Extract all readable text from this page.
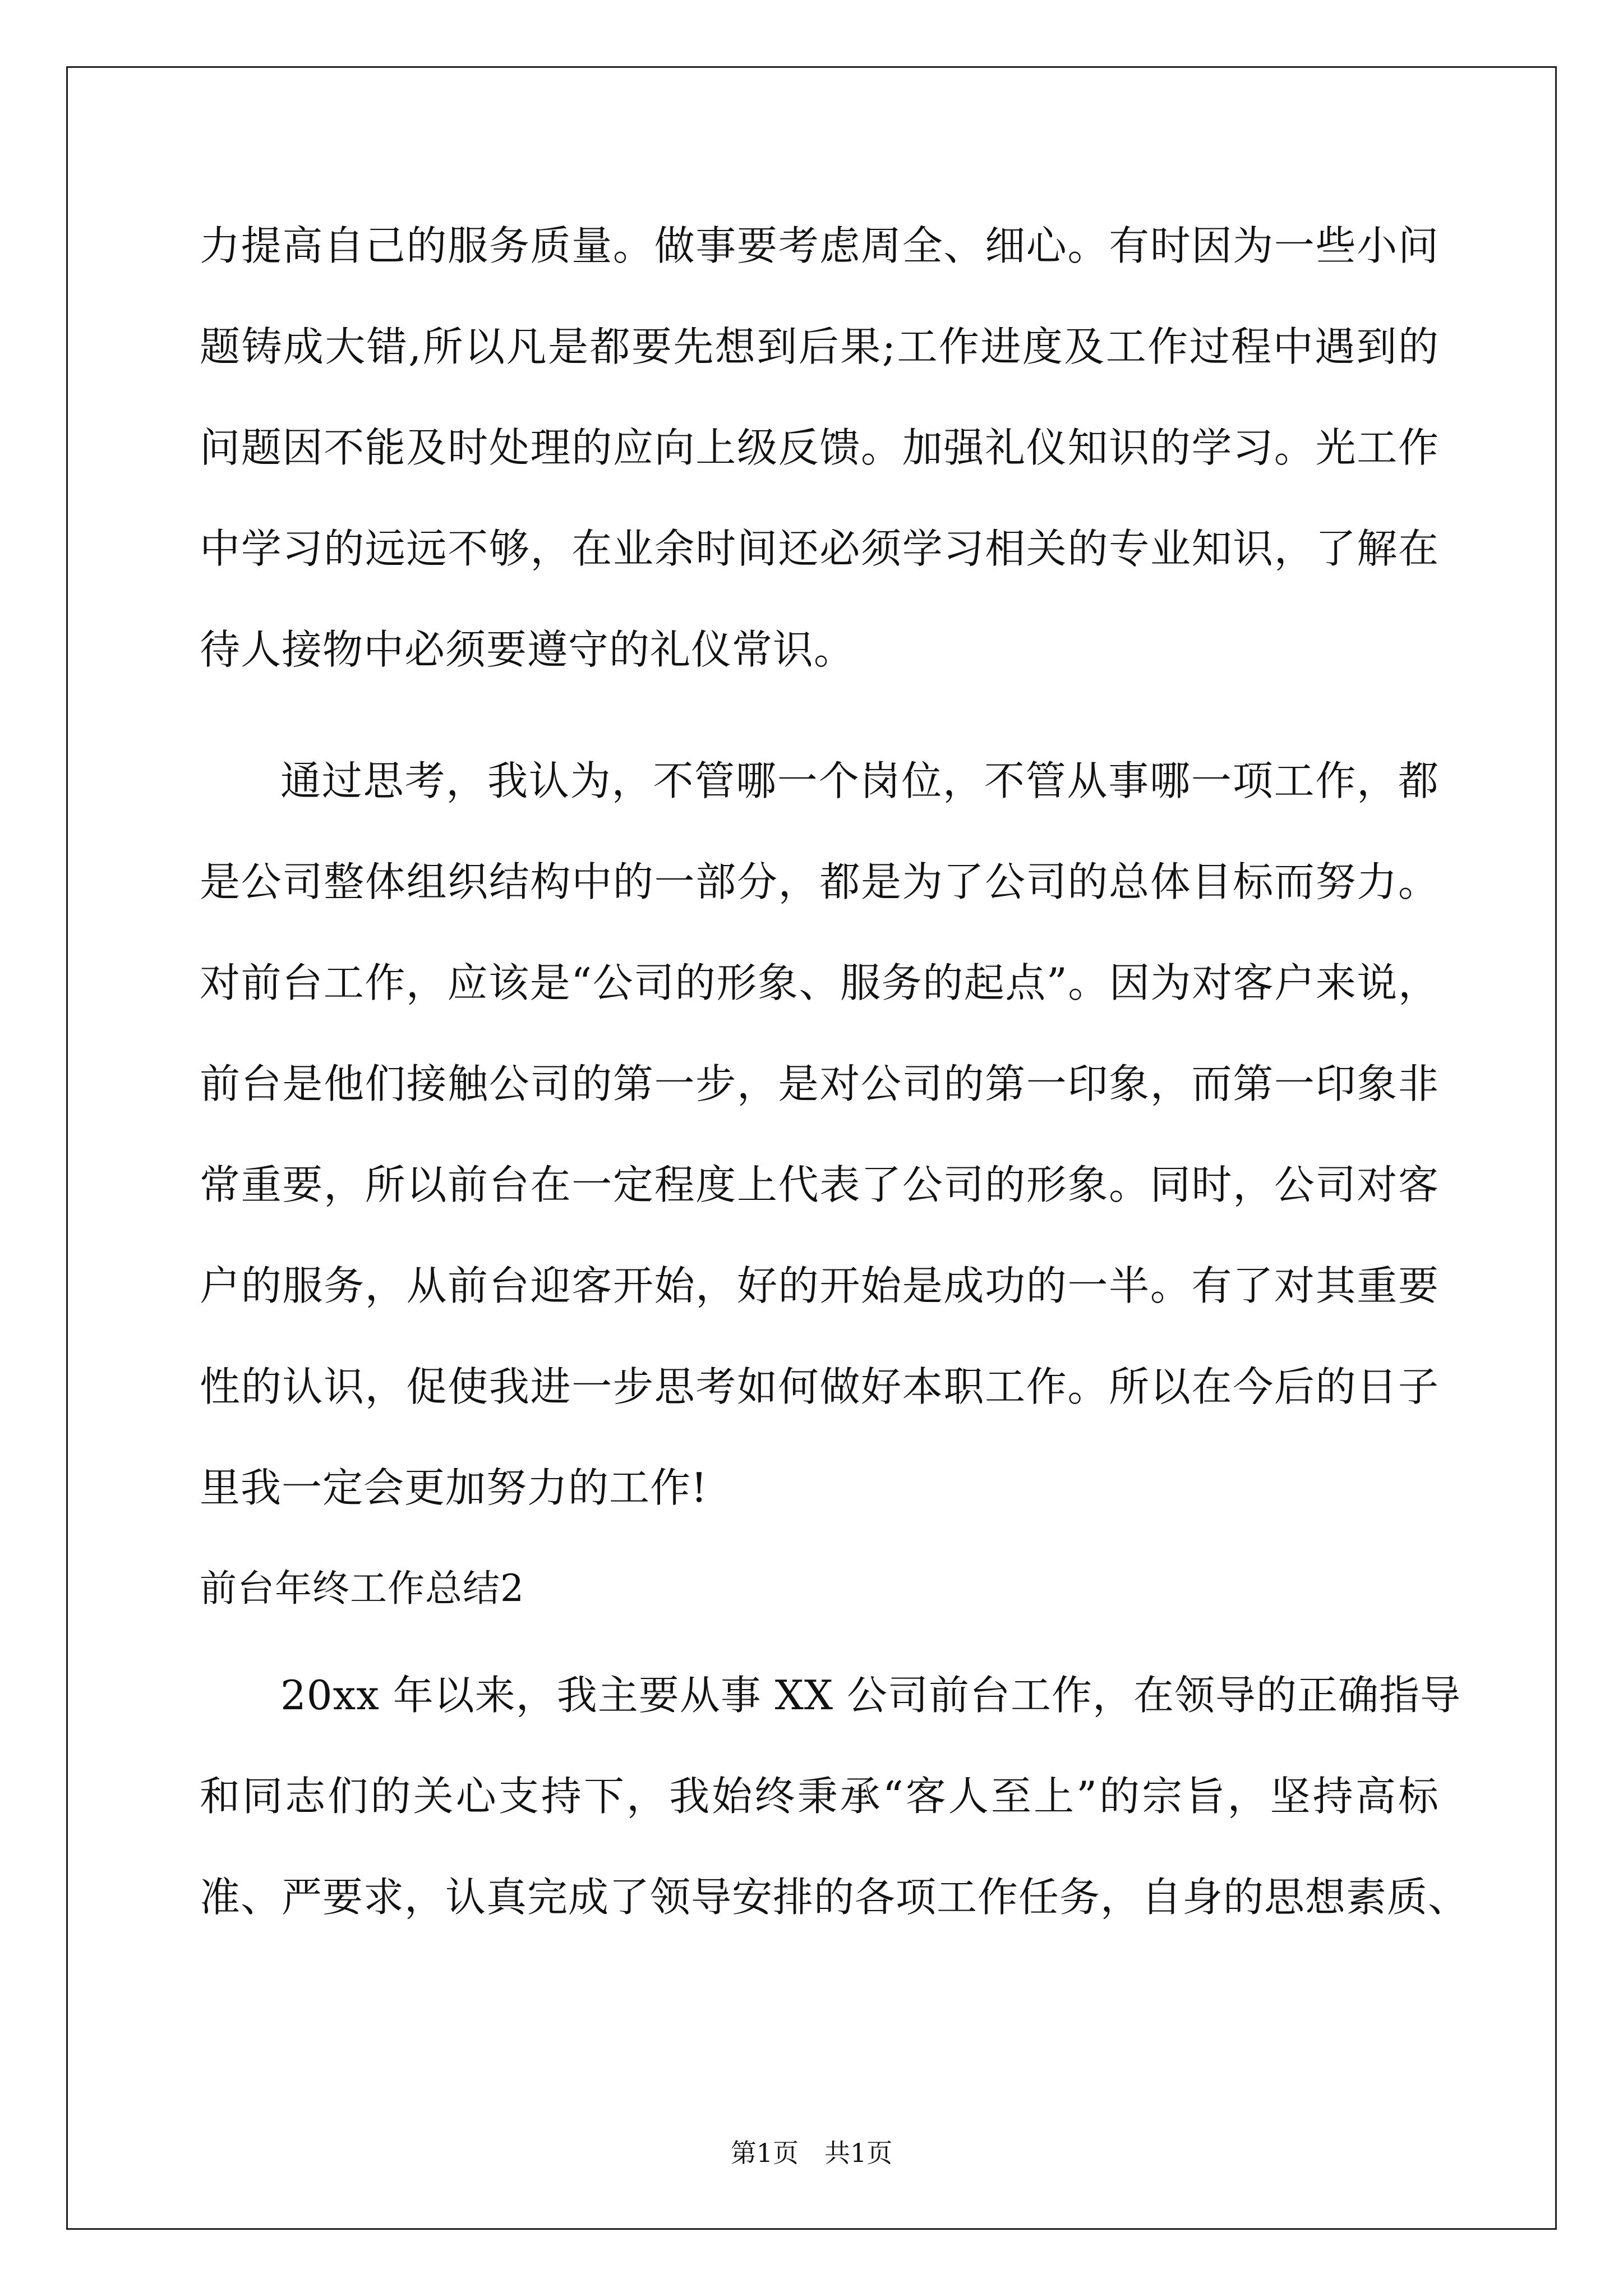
力提高自己的服务质量。做事要考虑周全、细心。有时因为一些小问
题铸成大错,所以凡是都要先想到后果;工作进度及工作过程中遇到的
问题因不能及时处理的应向上级反馈。加强礼仪知识的学习。光工作
中学习的远远不够，在业余时间还必须学习相关的专业知识，了解在
待人接物中必须要遵守的礼仪常识。
通过思考，我认为，不管哪一个岗位，不管从事哪一项工作，都
是公司整体组织结构中的一部分，都是为了公司的总体目标而努力。
对前台工作，应该是“公司的形象、服务的起点”。因为对客户来说，
前台是他们接触公司的第一步，是对公司的第一印象，而第一印象非
常重要，所以前台在一定程度上代表了公司的形象。同时，公司对客
户的服务，从前台迎客开始，好的开始是成功的一半。有了对其重要
性的认识，促使我进一步思考如何做好本职工作。所以在今后的日子
里我一定会更加努力的工作!
前台年终工作总结2
20xx 年以来，我主要从事 XX 公司前台工作，在领导的正确指导
和同志们的关心支持下，我始终秉承“客人至上”的宗旨，坚持高标
准、严要求，认真完成了领导安排的各项工作任务，自身的思想素质、
第1页　共1页
